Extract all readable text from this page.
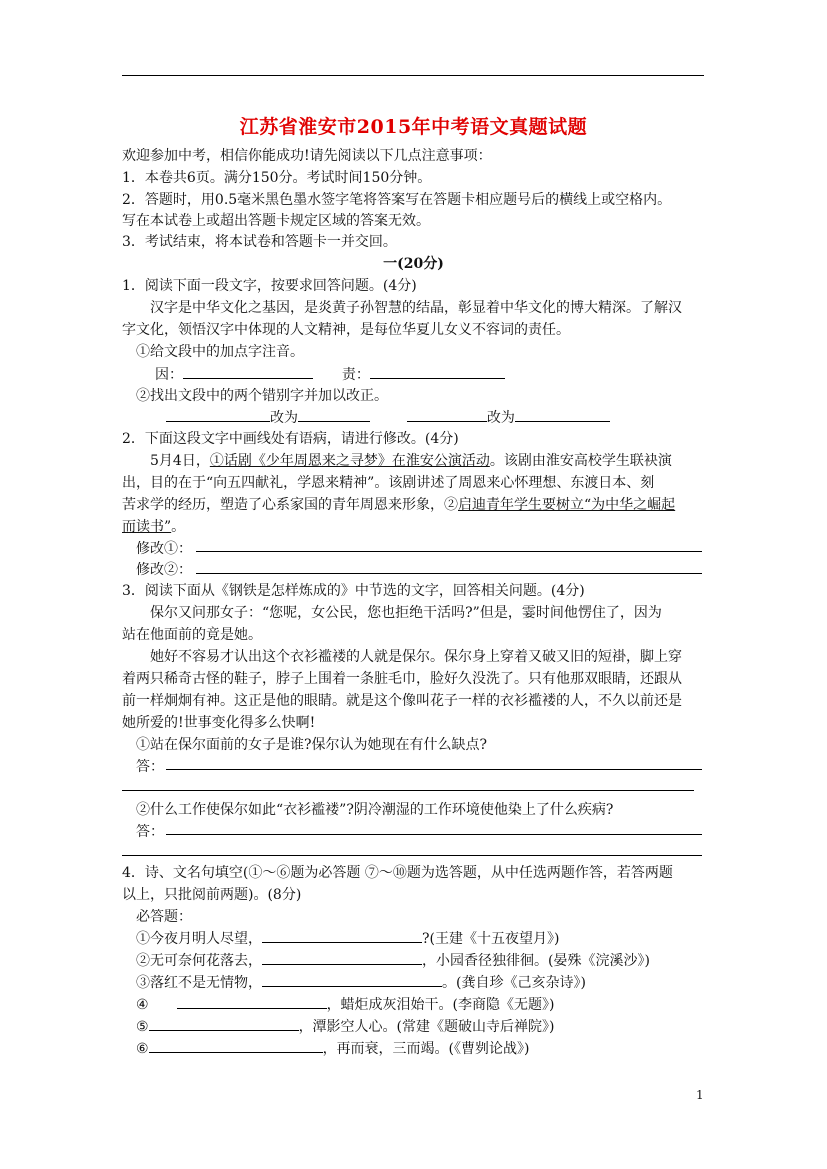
江苏省淮安市2015年中考语文真题试题
欢迎参加中考，相信你能成功!请先阅读以下几点注意事项：
1．本卷共6页。满分150分。考试时间150分钟。
2．答题时，用0.5毫米黑色墨水签字笔将答案写在答题卡相应题号后的横线上或空格内。
写在本试卷上或超出答题卡规定区域的答案无效。
3．考试结束，将本试卷和答题卡一并交回。
一(20分)
1．阅读下面一段文字，按要求回答问题。(4分)
汉字是中华文化之基因，是炎黄子孙智慧的结晶，彰显着中华文化的博大精深。了解汉
字文化，领悟汉字中体现的人文精神，是每位华夏儿女义不容词的责任。
①给文段中的加点字注音。
因：	责：
②找出文段中的两个错别字并加以改正。
改为	改为
2．下面这段文字中画线处有语病，请进行修改。(4分)
5月4日，①话剧《少年周恩来之寻梦》在淮安公演活动。该剧由淮安高校学生联袂演
出，目的在于“向五四献礼，学恩来精神”。该剧讲述了周恩来心怀理想、东渡日本、刻
苦求学的经历，塑造了心系家国的青年周恩来形象，②启迪青年学生要树立“为中华之崛起
而读书”。
修改①：
修改②：
3．阅读下面从《钢铁是怎样炼成的》中节选的文字，回答相关问题。(4分)
保尔又问那女子：“您呢，女公民，您也拒绝干活吗?”但是，霎时间他愣住了，因为
站在他面前的竟是她。
她好不容易才认出这个衣衫褴褛的人就是保尔。保尔身上穿着又破又旧的短褂，脚上穿
着两只稀奇古怪的鞋子，脖子上围着一条脏毛巾，脸好久没洗了。只有他那双眼睛，还跟从
前一样炯炯有神。这正是他的眼睛。就是这个像叫花子一样的衣衫褴褛的人，不久以前还是
她所爱的!世事变化得多么快啊!
①站在保尔面前的女子是谁?保尔认为她现在有什么缺点?
答：
②什么工作使保尔如此“衣衫褴褛”?阴冷潮湿的工作环境使他染上了什么疾病?
答：
4．诗、文名句填空(①～⑥题为必答题 ⑦～⑩题为选答题，从中任选两题作答，若答两题
以上，只批阅前两题)。(8分)
必答题：
①今夜月明人尽望，	?(王建《十五夜望月》)
②无可奈何花落去，	，小园香径独徘徊。(晏殊《浣溪沙》)
③落红不是无情物，	。(龚自珍《己亥杂诗》)
④　	，蜡炬成灰泪始干。(李商隐《无题》)
⑤	，潭影空人心。(常建《题破山寺后禅院》)
⑥	，再而衰，三而竭。(《曹刿论战》)
1
